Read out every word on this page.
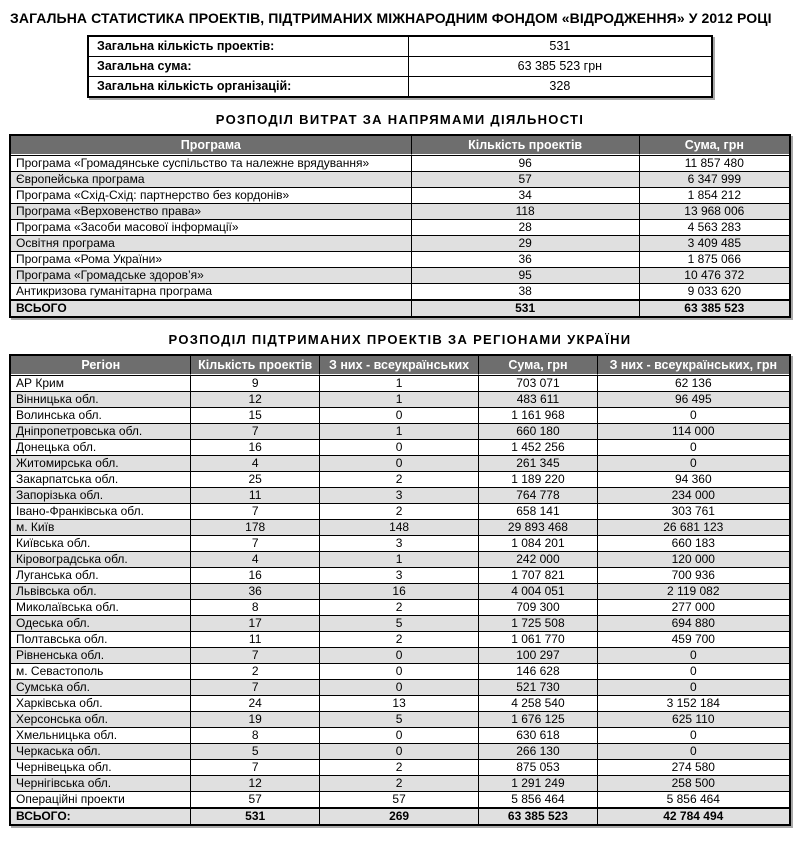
ЗАГАЛЬНА СТАТИСТИКА ПРОЕКТІВ, ПІДТРИМАНИХ МІЖНАРОДНИМ ФОНДОМ «ВІДРОДЖЕННЯ» У 2012 РОЦІ
Загальна кількість проектів:	531
Загальна сума:	63 385 523 грн
Загальна кількість організацій:	328
РОЗПОДІЛ ВИТРАТ ЗА НАПРЯМАМИ ДІЯЛЬНОСТІ
Програма	Кількість проектів	Сума, грн
Програма «Громадянське суспільство та належне врядування»	96	11 857 480
Європейська програма	57	6 347 999
Програма «Схід-Схід: партнерство без кордонів»	34	1 854 212
Програма «Верховенство права»	118	13 968 006
Програма «Засоби масової інформації»	28	4 563 283
Освітня програма	29	3 409 485
Програма «Рома України»	36	1 875 066
Програма «Громадське здоров’я»	95	10 476 372
Антикризова гуманітарна програма	38	9 033 620
ВСЬОГО	531	63 385 523
РОЗПОДІЛ ПІДТРИМАНИХ ПРОЕКТІВ ЗА РЕГІОНАМИ УКРАЇНИ
Регіон	Кількість проектів	З них - всеукраїнських	Сума, грн	З них - всеукраїнських, грн
АР Крим	9	1	703 071	62 136
Вінницька обл.	12	1	483 611	96 495
Волинська обл.	15	0	1 161 968	0
Дніпропетровська обл.	7	1	660 180	114 000
Донецька обл.	16	0	1 452 256	0
Житомирська обл.	4	0	261 345	0
Закарпатська обл.	25	2	1 189 220	94 360
Запорізька обл.	11	3	764 778	234 000
Івано-Франківська обл.	7	2	658 141	303 761
м. Київ	178	148	29 893 468	26 681 123
Київська обл.	7	3	1 084 201	660 183
Кіровоградська обл.	4	1	242 000	120 000
Луганська обл.	16	3	1 707 821	700 936
Львівська обл.	36	16	4 004 051	2 119 082
Миколаївська обл.	8	2	709 300	277 000
Одеська обл.	17	5	1 725 508	694 880
Полтавська обл.	11	2	1 061 770	459 700
Рівненська обл.	7	0	100 297	0
м. Севастополь	2	0	146 628	0
Сумська обл.	7	0	521 730	0
Харківська обл.	24	13	4 258 540	3 152 184
Херсонська обл.	19	5	1 676 125	625 110
Хмельницька обл.	8	0	630 618	0
Черкаська обл.	5	0	266 130	0
Чернівецька обл.	7	2	875 053	274 580
Чернігівська обл.	12	2	1 291 249	258 500
Операційні проекти	57	57	5 856 464	5 856 464
ВСЬОГО:	531	269	63 385 523	42 784 494
